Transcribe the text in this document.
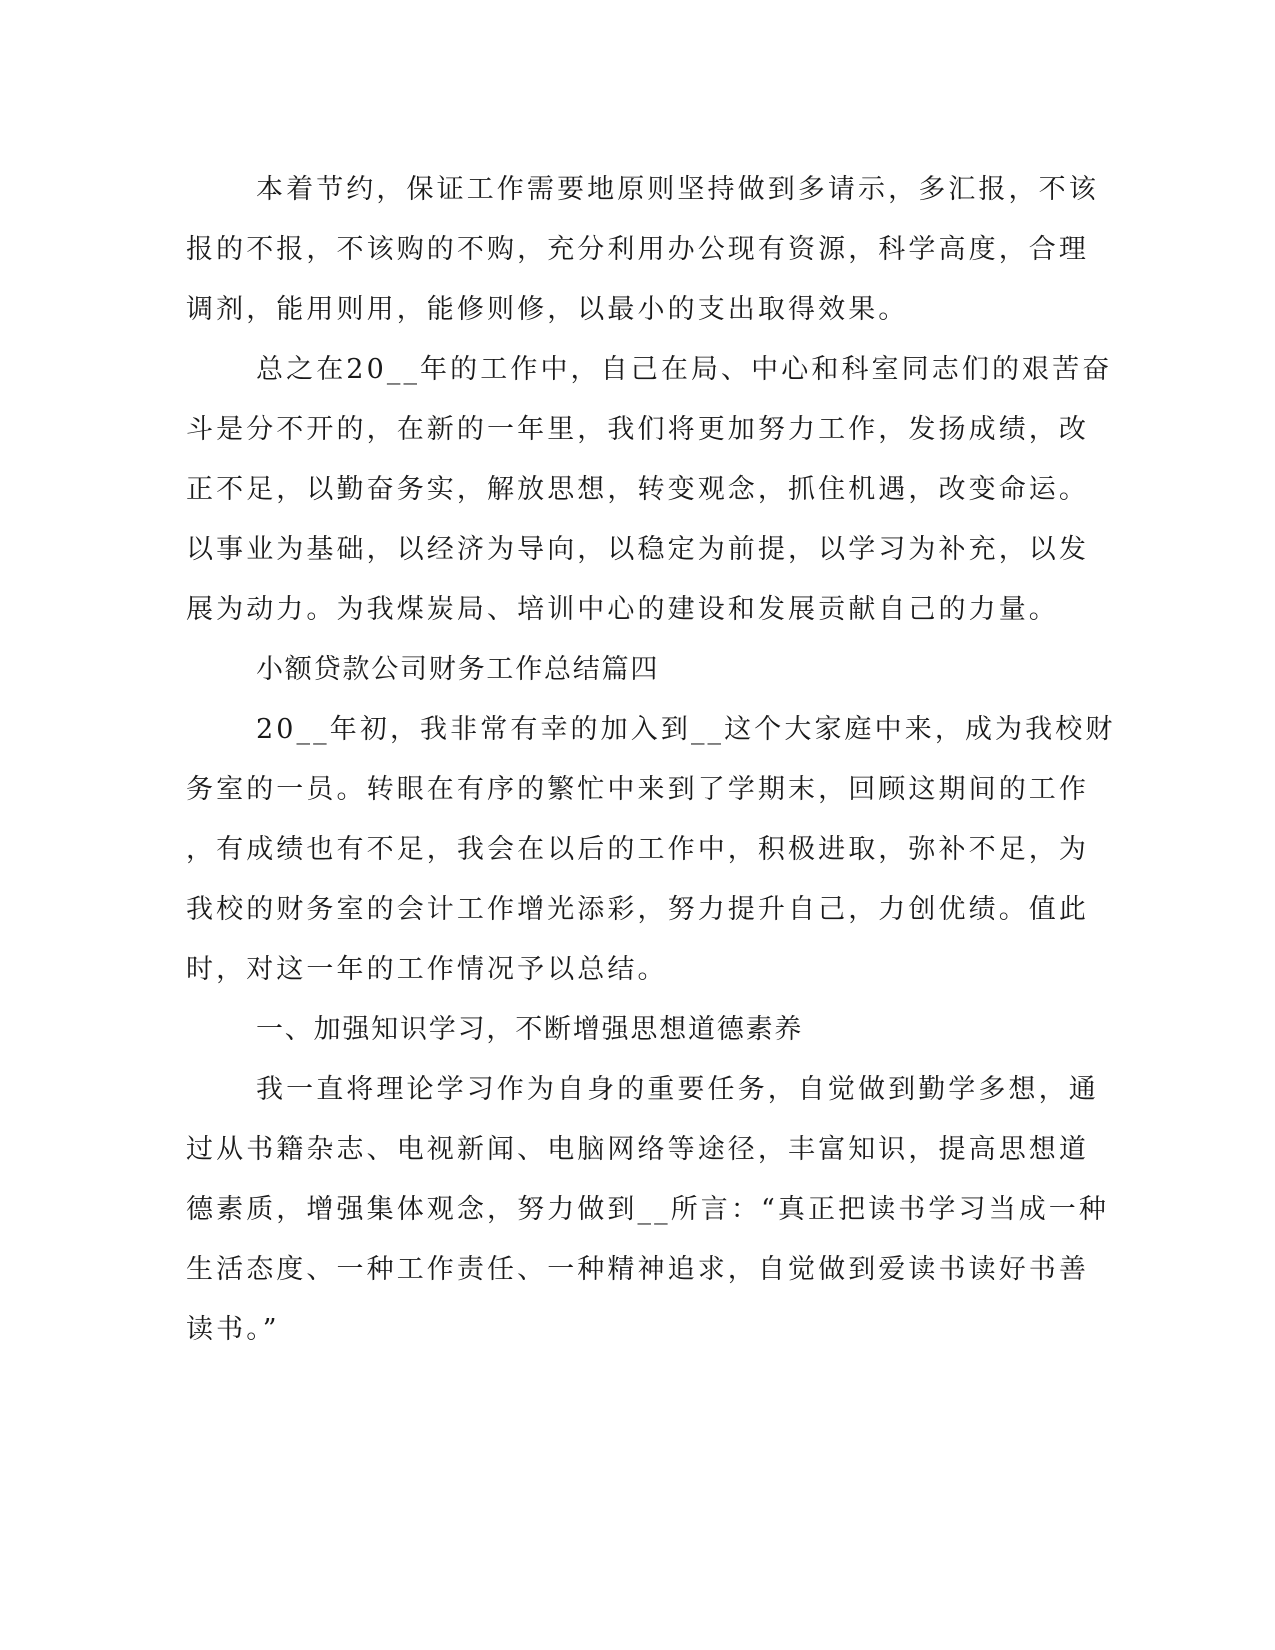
本着节约，保证工作需要地原则坚持做到多请示，多汇报，不该
报的不报，不该购的不购，充分利用办公现有资源，科学高度，合理
调剂，能用则用，能修则修，以最小的支出取得效果。
总之在20__年的工作中，自己在局、中心和科室同志们的艰苦奋
斗是分不开的，在新的一年里，我们将更加努力工作，发扬成绩，改
正不足，以勤奋务实，解放思想，转变观念，抓住机遇，改变命运。
以事业为基础，以经济为导向，以稳定为前提，以学习为补充，以发
展为动力。为我煤炭局、培训中心的建设和发展贡献自己的力量。
小额贷款公司财务工作总结篇四
20__年初，我非常有幸的加入到__这个大家庭中来，成为我校财
务室的一员。转眼在有序的繁忙中来到了学期末，回顾这期间的工作
，有成绩也有不足，我会在以后的工作中，积极进取，弥补不足，为
我校的财务室的会计工作增光添彩，努力提升自己，力创优绩。值此
时，对这一年的工作情况予以总结。
一、加强知识学习，不断增强思想道德素养
我一直将理论学习作为自身的重要任务，自觉做到勤学多想，通
过从书籍杂志、电视新闻、电脑网络等途径，丰富知识，提高思想道
德素质，增强集体观念，努力做到__所言：“真正把读书学习当成一种
生活态度、一种工作责任、一种精神追求，自觉做到爱读书读好书善
读书。”
